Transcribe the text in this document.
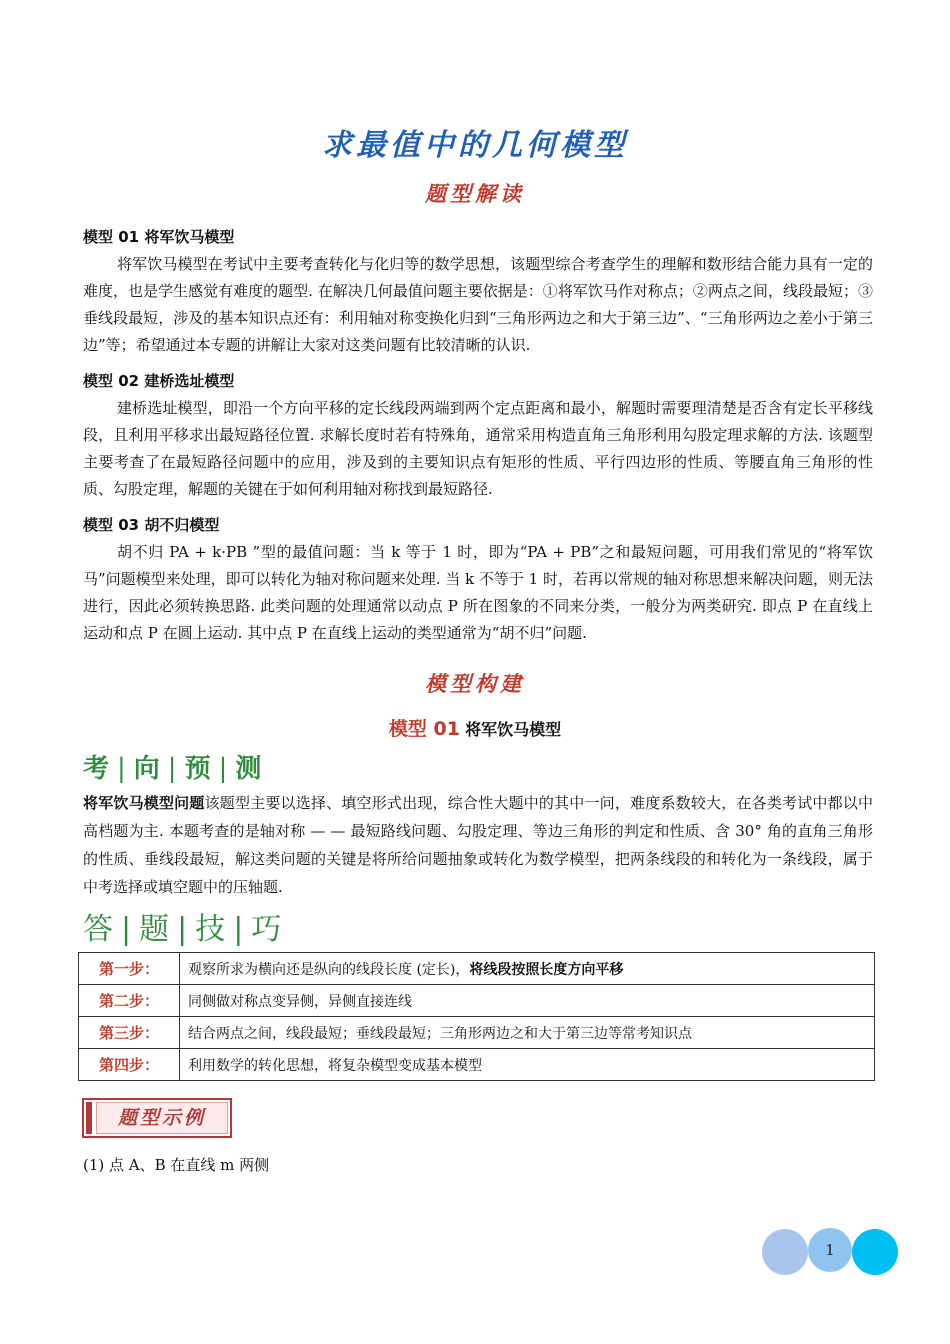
求最值中的几何模型
题型解读
模型 01 将军饮马模型
将军饮马模型在考试中主要考查转化与化归等的数学思想，该题型综合考查学生的理解和数形结合能力具有一定的难度，也是学生感觉有难度的题型. 在解决几何最值问题主要依据是：①将军饮马作对称点；②两点之间，线段最短；③垂线段最短，涉及的基本知识点还有：利用轴对称变换化归到“三角形两边之和大于第三边”、“三角形两边之差小于第三边”等；希望通过本专题的讲解让大家对这类问题有比较清晰的认识.
模型 02 建桥选址模型
建桥选址模型，即沿一个方向平移的定长线段两端到两个定点距离和最小，解题时需要理清楚是否含有定长平移线段，且利用平移求出最短路径位置. 求解长度时若有特殊角，通常采用构造直角三角形利用勾股定理求解的方法. 该题型主要考查了在最短路径问题中的应用，涉及到的主要知识点有矩形的性质、平行四边形的性质、等腰直角三角形的性质、勾股定理，解题的关键在于如何利用轴对称找到最短路径.
模型 03 胡不归模型
胡不归 PA + k·PB ”型的最值问题：当 k 等于 1 时，即为“PA + PB”之和最短问题，可用我们常见的“将军饮马”问题模型来处理，即可以转化为轴对称问题来处理. 当 k 不等于 1 时，若再以常规的轴对称思想来解决问题，则无法进行，因此必须转换思路. 此类问题的处理通常以动点 P 所在图象的不同来分类，一般分为两类研究. 即点 P 在直线上运动和点 P 在圆上运动. 其中点 P 在直线上运动的类型通常为“胡不归”问题.
模型构建
模型 01 将军饮马模型
考 | 向 | 预 | 测
将军饮马模型问题该题型主要以选择、填空形式出现，综合性大题中的其中一问，难度系数较大，在各类考试中都以中高档题为主. 本题考查的是轴对称 — — 最短路线问题、勾股定理、等边三角形的判定和性质、含 30° 角的直角三角形的性质、垂线段最短，解这类问题的关键是将所给问题抽象或转化为数学模型，把两条线段的和转化为一条线段，属于中考选择或填空题中的压轴题.
答 | 题 | 技 | 巧
第一步：	观察所求为横向还是纵向的线段长度 (定长)，将线段按照长度方向平移
第二步：	同侧做对称点变异侧，异侧直接连线
第三步：	结合两点之间，线段最短；垂线段最短；三角形两边之和大于第三边等常考知识点
第四步：	利用数学的转化思想，将复杂模型变成基本模型
题型示例
(1) 点 A、B 在直线 m 两侧
1
